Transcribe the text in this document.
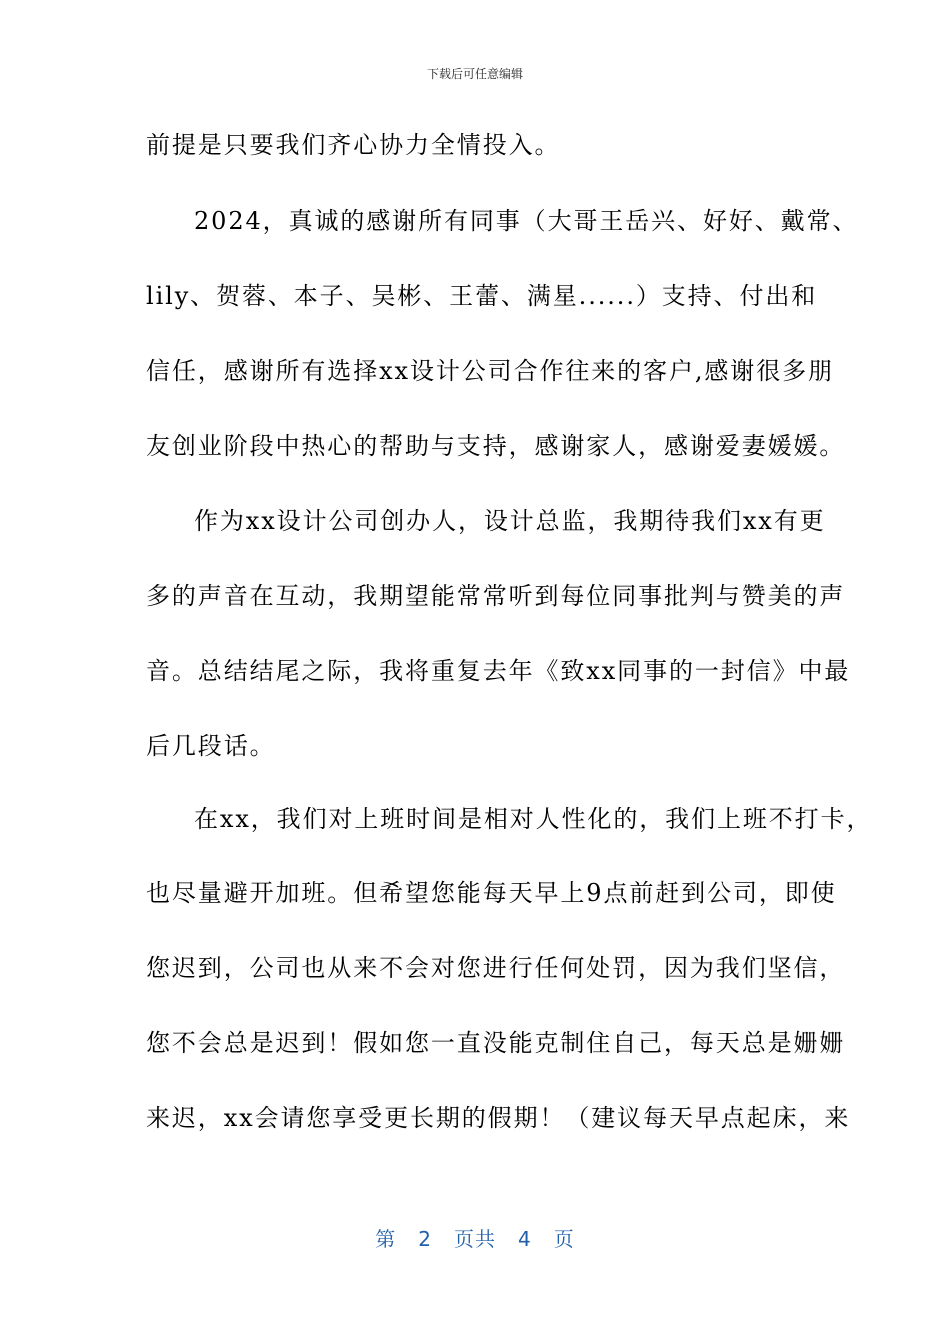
下载后可任意编辑
前提是只要我们齐心协力全情投入。
2024，真诚的感谢所有同事（大哥王岳兴、好好、戴常、
lily、贺蓉、本子、吴彬、王蕾、满星......）支持、付出和
信任，感谢所有选择xx设计公司合作往来的客户,感谢很多朋
友创业阶段中热心的帮助与支持，感谢家人，感谢爱妻媛媛。
作为xx设计公司创办人，设计总监，我期待我们xx有更
多的声音在互动，我期望能常常听到每位同事批判与赞美的声
音。总结结尾之际，我将重复去年《致xx同事的一封信》中最
后几段话。
在xx，我们对上班时间是相对人性化的，我们上班不打卡，
也尽量避开加班。但希望您能每天早上9点前赶到公司，即使
您迟到，公司也从来不会对您进行任何处罚，因为我们坚信，
您不会总是迟到！假如您一直没能克制住自己，每天总是姗姗
来迟，xx会请您享受更长期的假期！（建议每天早点起床，来
第 2 页共 4 页
